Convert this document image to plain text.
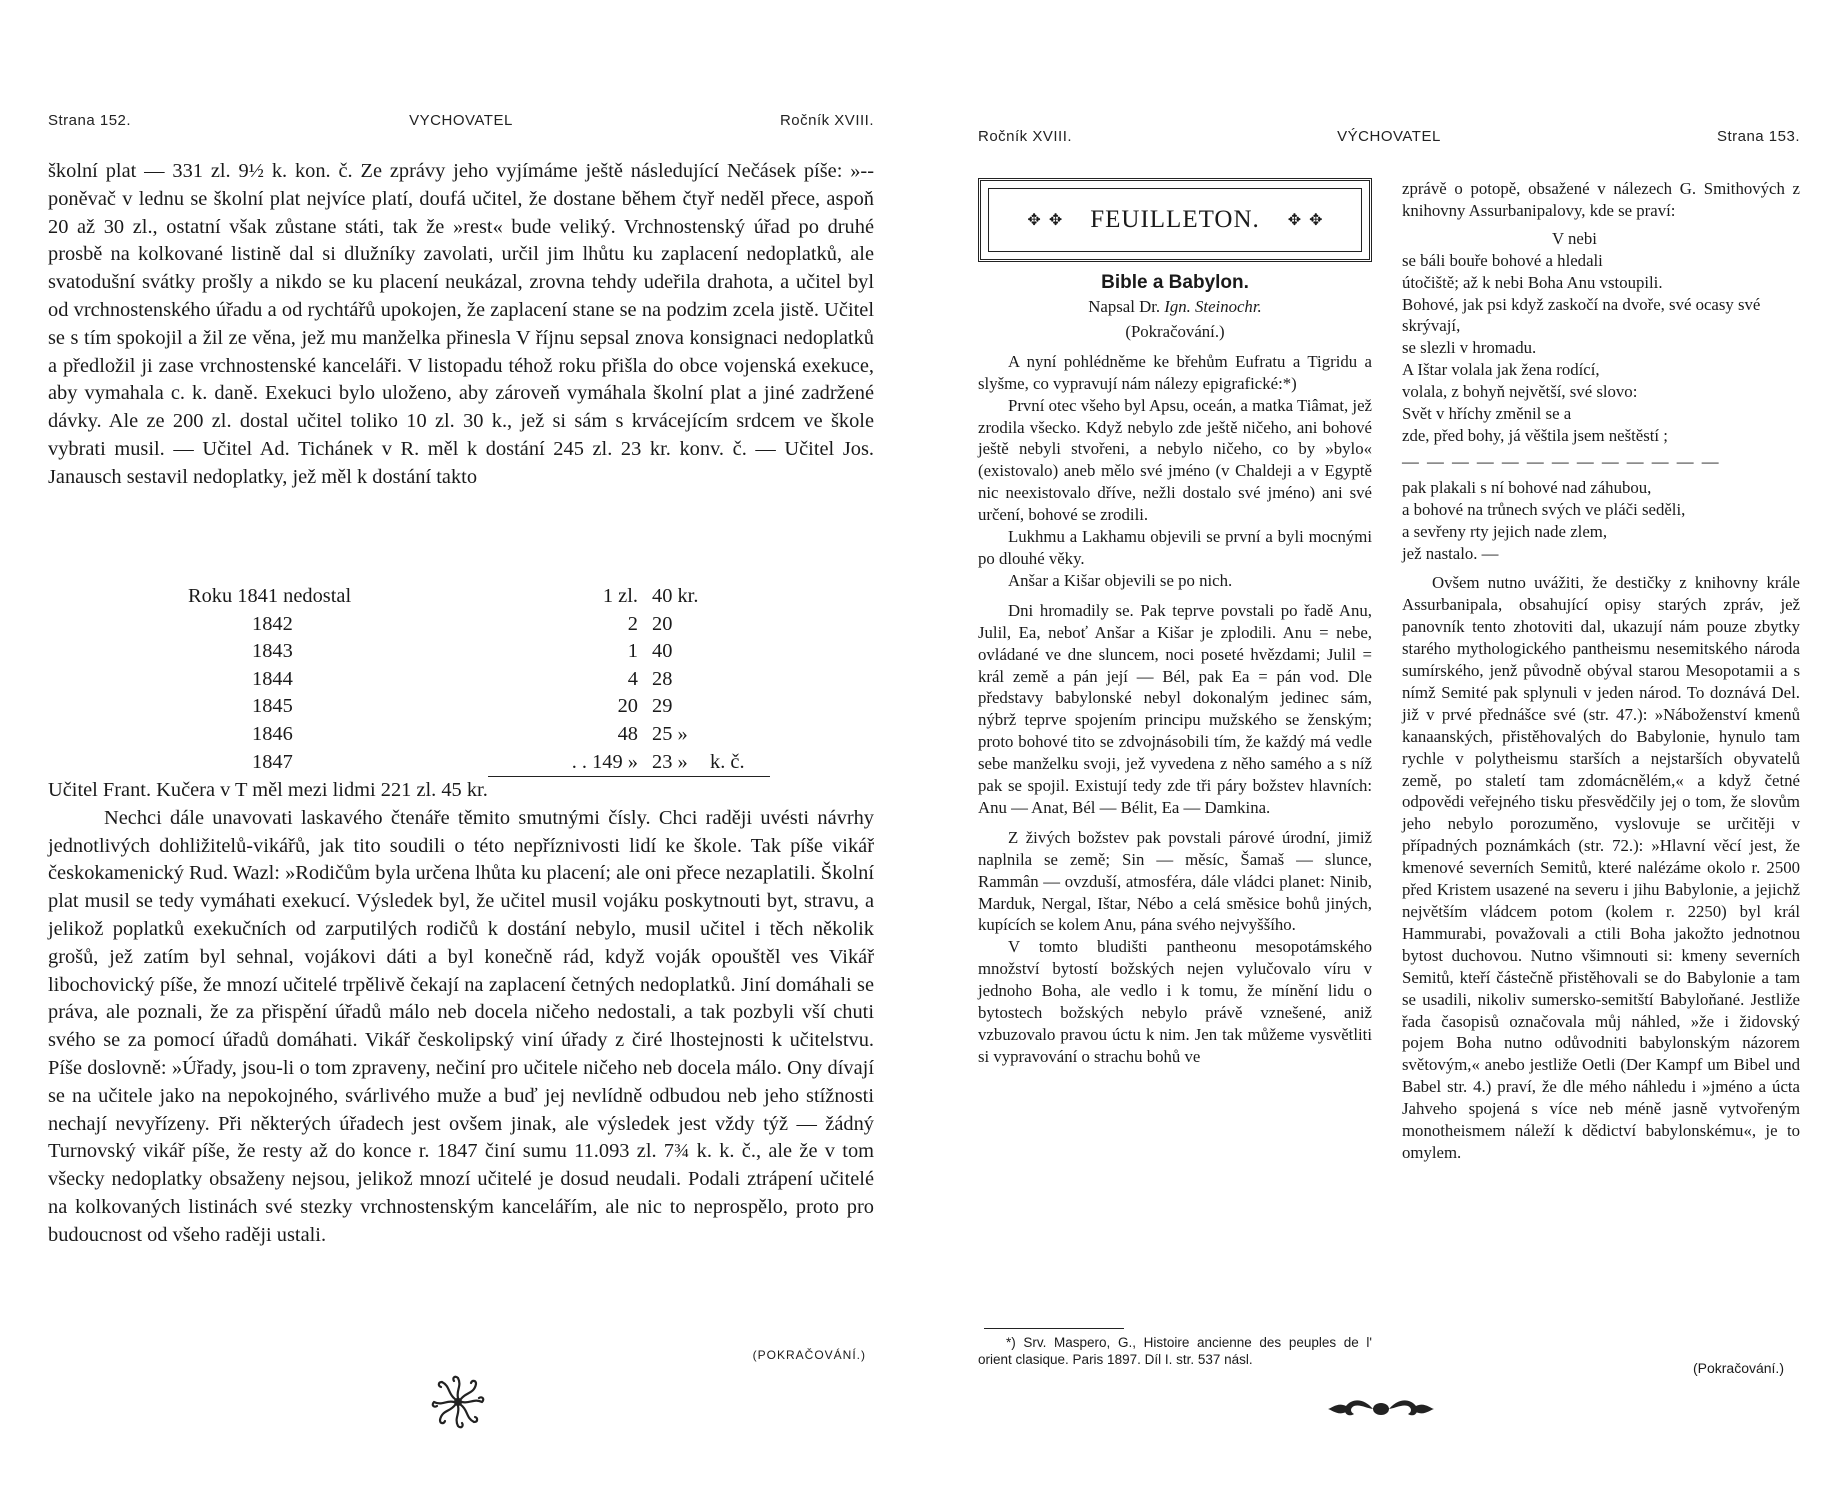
Strana 152.	VYCHOVATEL	Ročník XVIII.

školní plat — 331 zl. 9½ k. kon. č. Ze zprávy jeho vyjímáme ještě následující Nečásek píše: »-- poněvač v lednu se školní plat nejvíce platí, doufá učitel, že dostane během čtyř neděl přece, aspoň 20 až 30 zl., ostatní však zůstane státi, tak že »rest« bude veliký. Vrchnostenský úřad po druhé prosbě na kolkované listině dal si dlužníky zavolati, určil jim lhůtu ku zaplacení nedoplatků, ale svatodušní svátky prošly a nikdo se ku placení neukázal, zrovna tehdy udeřila drahota, a učitel byl od vrchnostenského úřadu a od rychtářů upokojen, že zaplacení stane se na podzim zcela jistě. Učitel se s tím spokojil a žil ze věna, jež mu manželka přinesla V říjnu sepsal znova konsignaci nedoplatků a předložil ji zase vrchnostenské kanceláři. V listopadu téhož roku přišla do obce vojenská exekuce, aby vymahala c. k. daně. Exekuci bylo uloženo, aby zároveň vymáhala školní plat a jiné zadržené dávky. Ale ze 200 zl. dostal učitel toliko 10 zl. 30 k., jež si sám s krvácejícím srdcem ve škole vybrati musil. — Učitel Ad. Tichánek v R. měl k dostání 245 zl. 23 kr. konv. č. — Učitel Jos. Janausch sestavil nedoplatky, jež měl k dostání takto

Roku 1841 nedostal	1 zl.	40 kr.	
1842	2	20	
1843	1	40	
1844	4	28	
1845	20	29	
1846	48	25 »	
1847	. . 149 »	23 »	k. č.

Učitel Frant. Kučera v T měl mezi lidmi 221 zl. 45 kr.

Nechci dále unavovati laskavého čtenáře těmito smutnými čísly. Chci raději uvésti návrhy jednotlivých dohližitelů-vikářů, jak tito soudili o této nepříznivosti lidí ke škole. Tak píše vikář českokamenický Rud. Wazl: »Rodičům byla určena lhůta ku placení; ale oni přece nezaplatili. Školní plat musil se tedy vymáhati exekucí. Výsledek byl, že učitel musil vojáku poskytnouti byt, stravu, a jelikož poplatků exekučních od zarputilých rodičů k dostání nebylo, musil učitel i těch několik grošů, jež zatím byl sehnal, vojákovi dáti a byl konečně rád, když voják opouštěl ves Vikář libochovický píše, že mnozí učitelé trpělivě čekají na zaplacení četných nedoplatků. Jiní domáhali se práva, ale poznali, že za přispění úřadů málo neb docela ničeho nedostali, a tak pozbyli vší chuti svého se za pomocí úřadů domáhati. Vikář českolipský viní úřady z čiré lhostejnosti k učitelstvu. Píše doslovně: »Úřady, jsou-li o tom zpraveny, nečiní pro učitele ničeho neb docela málo. Ony dívají se na učitele jako na nepokojného, svárlivého muže a buď jej nevlídně odbudou neb jeho stížnosti nechají nevyřízeny. Při některých úřadech jest ovšem jinak, ale výsledek jest vždy týž — žádný Turnovský vikář píše, že resty až do konce r. 1847 činí sumu 11.093 zl. 7¾ k. k. č., ale že v tom všecky nedoplatky obsaženy nejsou, jelikož mnozí učitelé je dosud neudali. Podali ztrápení učitelé na kolkovaných listinách své stezky vrchnostenským kancelářím, ale nic to neprospělo, proto pro budoucnost od všeho raději ustali.

(POKRAČOVÁNÍ.)
Ročník XVIII.	VÝCHOVATEL	Strana 153.
✥  ✥ FEUILLETON. ✥  ✥

Bible a Babylon.

Napsal Dr. Ign. Steinochr.

(Pokračování.)

A nyní pohlédněme ke břehům Eufratu a Tigridu a slyšme, co vypravují nám nálezy epigrafické:*)

První otec všeho byl Apsu, oceán, a matka Tiâmat, jež zrodila všecko. Když nebylo zde ještě ničeho, ani bohové ještě nebyli stvořeni, a nebylo ničeho, co by »bylo« (existovalo) aneb mělo své jméno (v Chaldeji a v Egyptě nic neexistovalo dříve, nežli dostalo své jméno) ani své určení, bohové se zrodili.

Lukhmu a Lakhamu objevili se první a byli mocnými po dlouhé věky.

Anšar a Kišar objevili se po nich.

Dni hromadily se. Pak teprve povstali po řadě Anu, Julil, Ea, neboť Anšar a Kišar je zplodili. Anu = nebe, ovládané ve dne sluncem, noci poseté hvězdami; Julil = král země a pán její — Bél, pak Ea = pán vod. Dle představy babylonské nebyl dokonalým jedinec sám, nýbrž teprve spojením principu mužského se ženským; proto bohové tito se zdvojnásobili tím, že každý má vedle sebe manželku svoji, jež vyvedena z něho samého a s níž pak se spojil. Existují tedy zde tři páry božstev hlavních: Anu — Anat, Bél — Bélit, Ea — Damkina.

Z živých božstev pak povstali párové úrodní, jimiž naplnila se země; Sin — měsíc, Šamaš — slunce, Rammân — ovzduší, atmosféra, dále vládci planet: Ninib, Marduk, Nergal, Ištar, Nébo a celá směsice bohů jiných, kupících se kolem Anu, pána svého nejvyššího.

V tomto bludišti pantheonu mesopotámského množství bytostí božských nejen vylučovalo víru v jednoho Boha, ale vedlo i k tomu, že mínění lidu o bytostech božských nebylo právě vznešené, aniž vzbuzovalo pravou úctu k nim. Jen tak můžeme vysvětliti si vypravování o strachu bohů ve

*) Srv. Maspero, G., Histoire ancienne des peuples de l' orient clasique. Paris 1897. Díl I. str. 537 násl.

zprávě o potopě, obsažené v nálezech G. Smithových z knihovny Assurbanipalovy, kde se praví:

V nebi

se báli bouře bohové a hledali

útočiště; až k nebi Boha Anu vstoupili.

Bohové, jak psi když zaskočí na dvoře, své ocasy své skrývají,

se slezli v hromadu.

A Ištar volala jak žena rodící,

volala, z bohyň největší, své slovo:

Svět v hříchy změnil se a

zde, před bohy, já věštila jsem neštěstí ;

— — — — — — — — — — — — —

pak plakali s ní bohové nad záhubou,

a bohové na trůnech svých ve pláči seděli,

a sevřeny rty jejich nade zlem,

jež nastalo. —

Ovšem nutno uvážiti, že destičky z knihovny krále Assurbanipala, obsahující opisy starých zpráv, jež panovník tento zhotoviti dal, ukazují nám pouze zbytky starého mythologického pantheismu nesemitského národa sumírského, jenž původně obýval starou Mesopotamii a s nímž Semité pak splynuli v jeden národ. To doznává Del. již v prvé přednášce své (str. 47.): »Náboženství kmenů kanaanských, přistěhovalých do Babylonie, hynulo tam rychle v polytheismu starších a nejstarších obyvatelů země, po staletí tam zdomácnělém,« a když četné odpovědi veřejného tisku přesvědčily jej o tom, že slovům jeho nebylo porozuměno, vyslovuje se určitěji v případných poznámkách (str. 72.): »Hlavní věcí jest, že kmenové severních Semitů, které nalézáme okolo r. 2500 před Kristem usazené na severu i jihu Babylonie, a jejichž největším vládcem potom (kolem r. 2250) byl král Hammurabi, považovali a ctili Boha jakožto jednotnou bytost duchovou. Nutno všimnouti si: kmeny severních Semitů, kteří částečně přistěhovali se do Babylonie a tam se usadili, nikoliv sumersko-semitští Babyloňané. Jestliže řada časopisů označovala můj náhled, »že i židovský pojem Boha nutno odůvodniti babylonským názorem světovým,« anebo jestliže Oetli (Der Kampf um Bibel und Babel str. 4.) praví, že dle mého náhledu i »jméno a úcta Jahveho spojená s více neb méně jasně vytvořeným monotheismem náleží k dědictví babylonskému«, je to omylem.

(Pokračování.)
